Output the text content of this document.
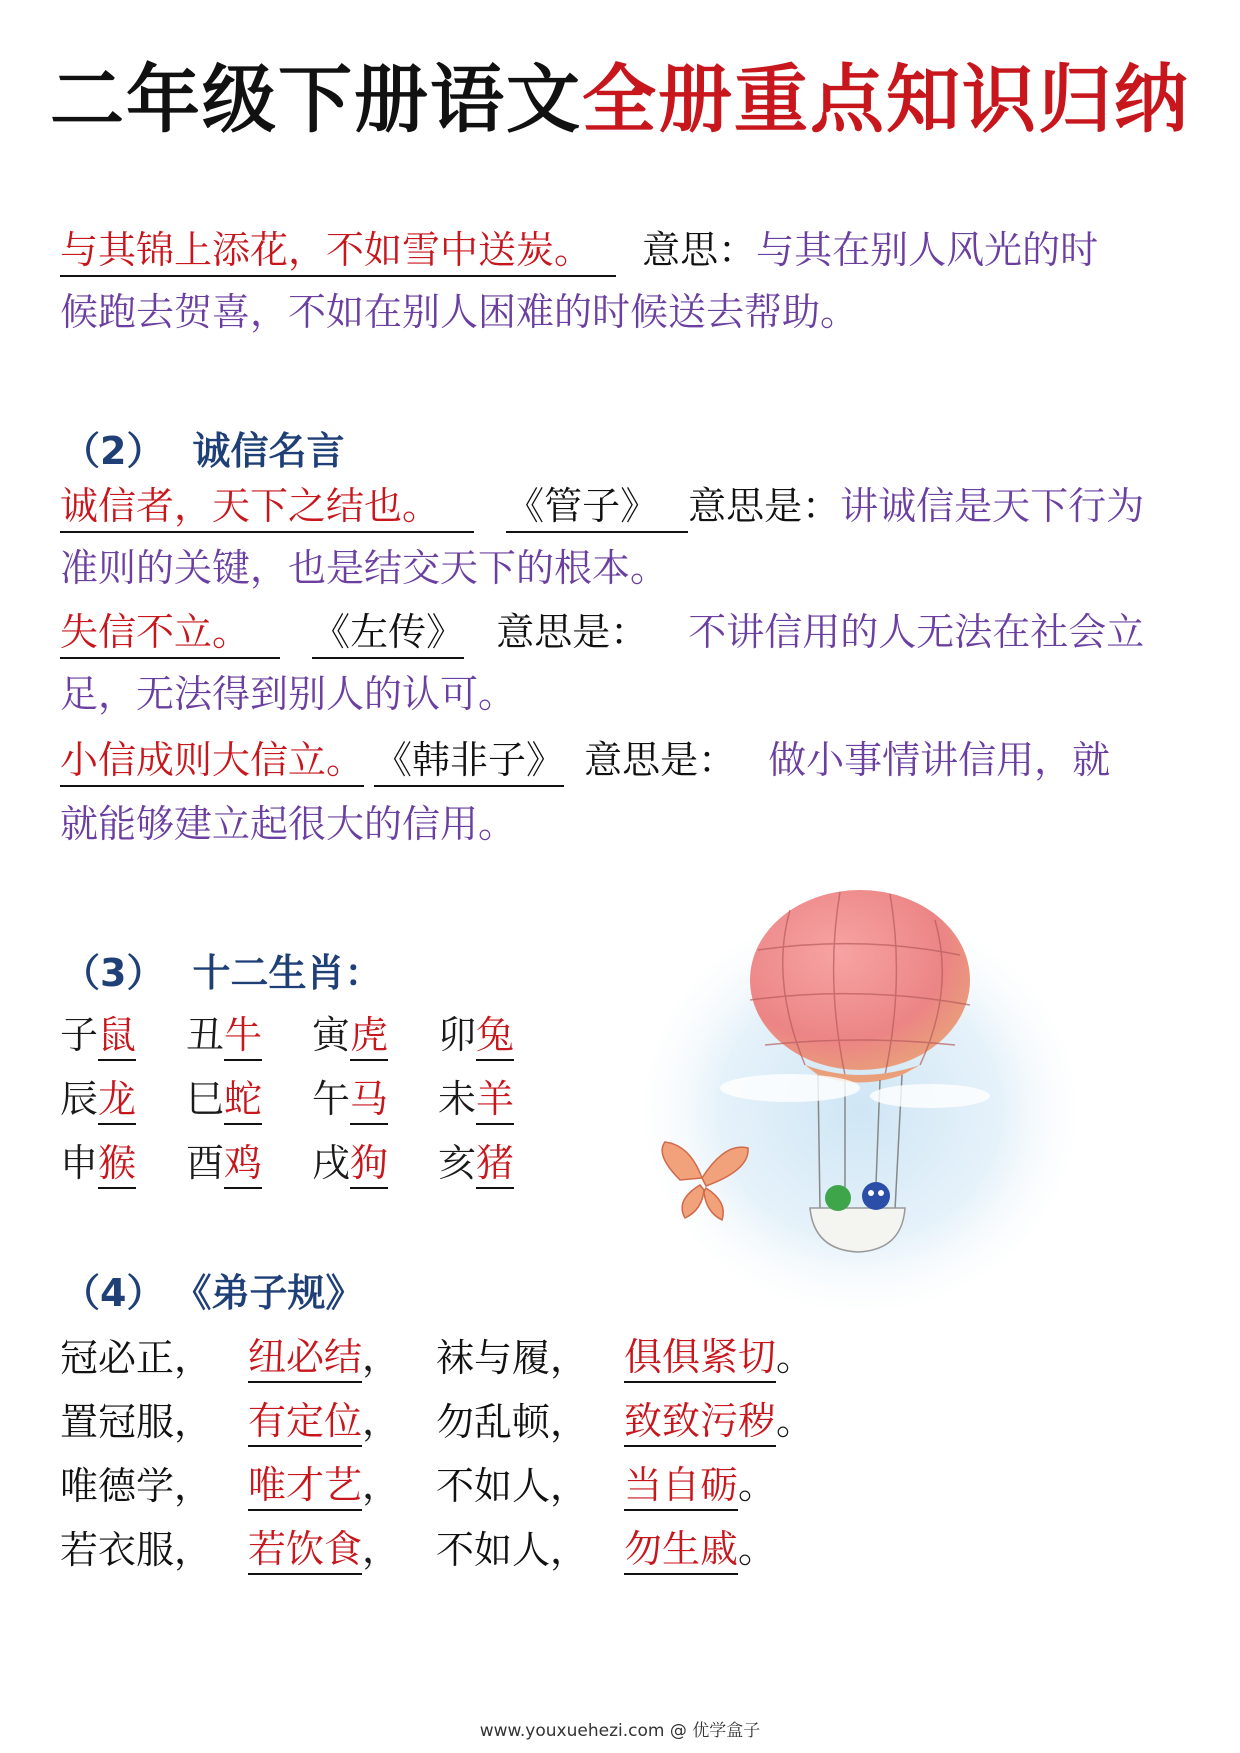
二年级下册语文全册重点知识归纳
与其锦上添花，不如雪中送炭。 意思：与其在别人风光的时
候跑去贺喜，不如在别人困难的时候送去帮助。
（2） 诚信名言
诚信者，天下之结也。 《管子》 意思是：讲诚信是天下行为
准则的关键，也是结交天下的根本。
失信不立。 《左传》 意思是： 不讲信用的人无法在社会立
足，无法得到别人的认可。
小信成则大信立。 《韩非子》 意思是： 做小事情讲信用，就
就能够建立起很大的信用。
（3） 十二生肖：
子鼠	丑牛	寅虎	卯兔
辰龙	巳蛇	午马	未羊
申猴	酉鸡	戌狗	亥猪
（4） 《弟子规》
冠必正， 纽必结， 袜与履， 俱俱紧切。
置冠服， 有定位， 勿乱顿， 致致污秽。
唯德学， 唯才艺， 不如人， 当自砺。
若衣服， 若饮食， 不如人， 勿生戚。
www.youxuehezi.com @ 优学盒子
